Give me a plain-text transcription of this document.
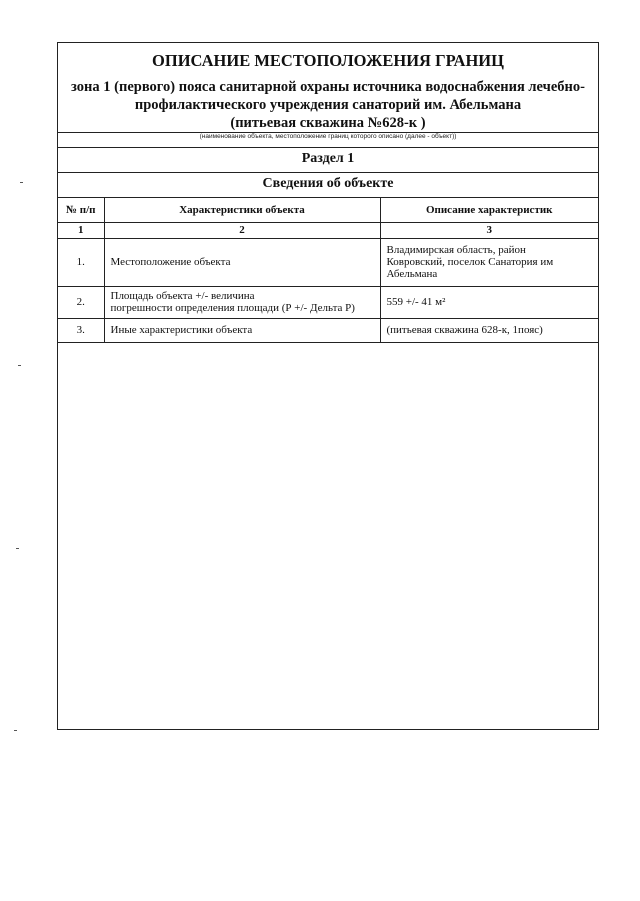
ОПИСАНИЕ МЕСТОПОЛОЖЕНИЯ ГРАНИЦ
зона 1 (первого) пояса санитарной охраны источника водоснабжения лечебно-
профилактического учреждения санаторий им. Абельмана
(питьевая скважина №628-к )
(наименование объекта, местоположение границ которого описано (далее - объект))
Раздел 1
Сведения об объекте
№ п/п	Характеристики объекта	Описание характеристик
1	2	3
1.	Местоположение объекта	Владимирская область, район
Ковровский, поселок Санатория им
Абельмана

2.	Площадь объекта +/- величина
погрешности определения площади (Р +/- Дельта Р)	559 +/- 41 м²

3.	Иные характеристики объекта	(питьевая скважина 628-к, 1пояс)
